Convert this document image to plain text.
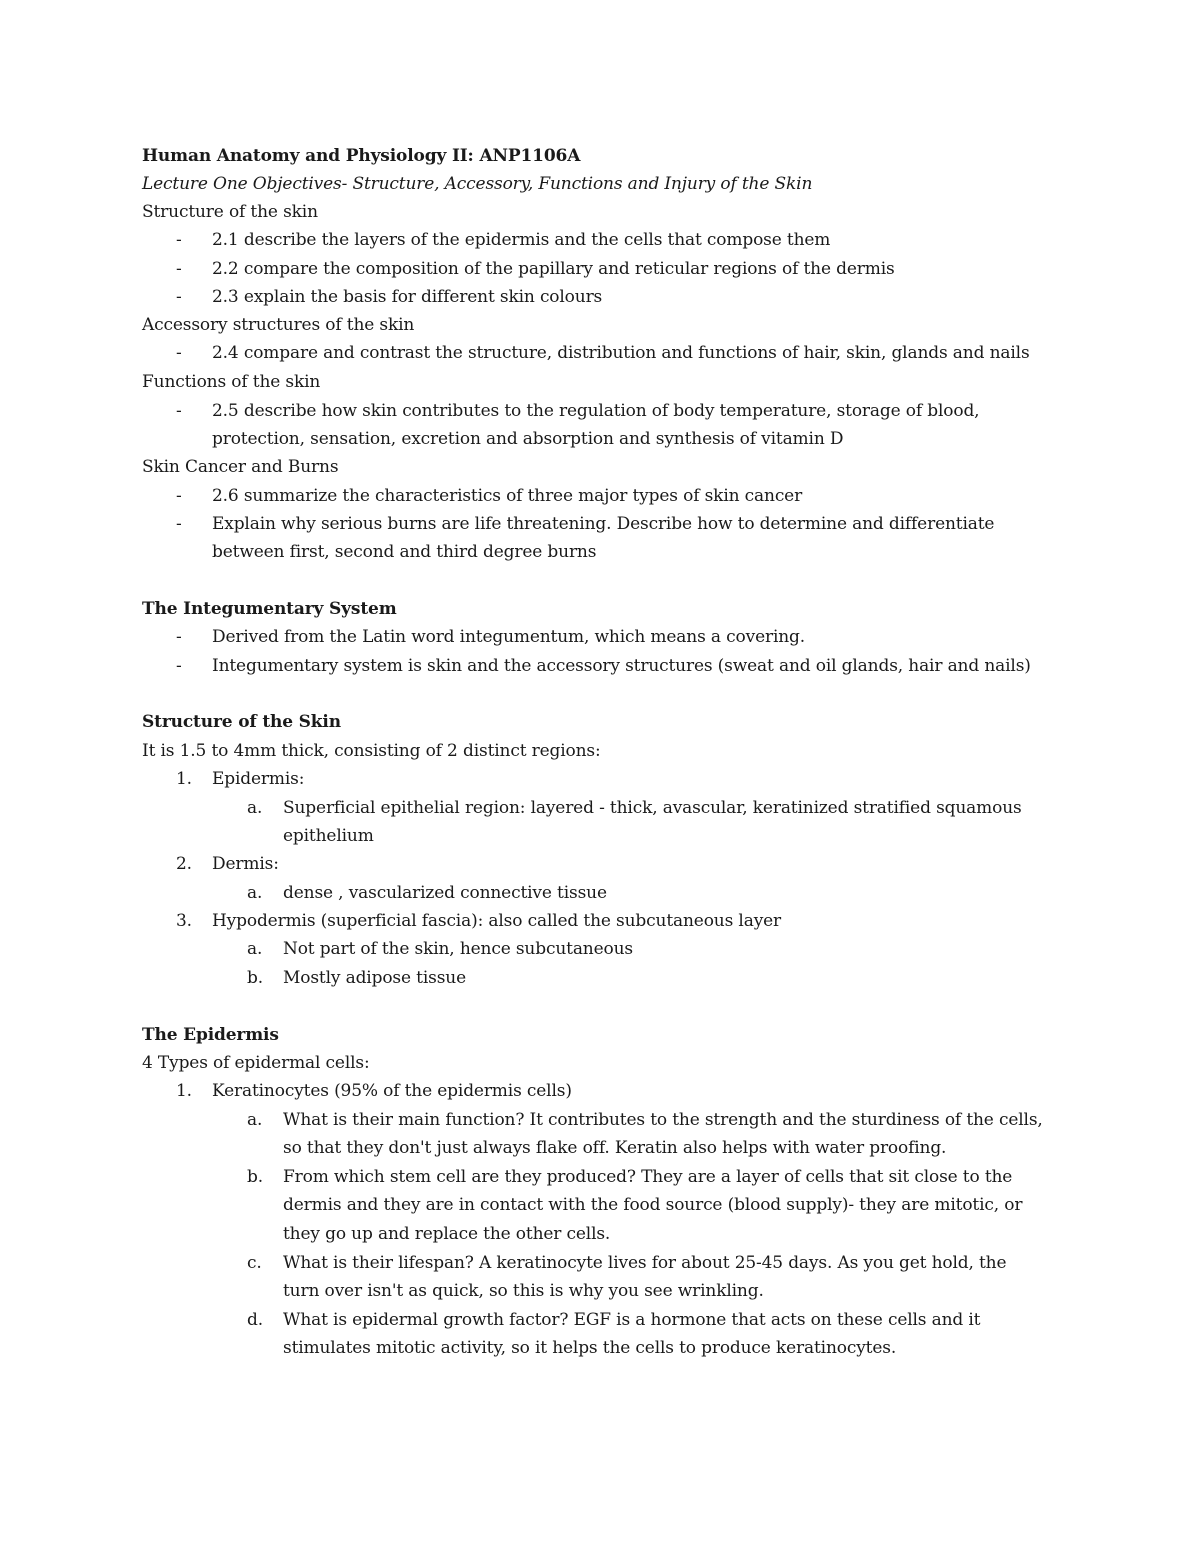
Human Anatomy and Physiology II: ANP1106A
Lecture One Objectives- Structure, Accessory, Functions and Injury of the Skin
Structure of the skin
- 2.1 describe the layers of the epidermis and the cells that compose them
- 2.2 compare the composition of the papillary and reticular regions of the dermis
- 2.3 explain the basis for different skin colours
Accessory structures of the skin
- 2.4 compare and contrast the structure, distribution and functions of hair, skin, glands and nails
Functions of the skin
- 2.5 describe how skin contributes to the regulation of body temperature, storage of blood,
protection, sensation, excretion and absorption and synthesis of vitamin D
Skin Cancer and Burns
- 2.6 summarize the characteristics of three major types of skin cancer
- Explain why serious burns are life threatening. Describe how to determine and differentiate
between first, second and third degree burns
The Integumentary System
- Derived from the Latin word integumentum, which means a covering.
- Integumentary system is skin and the accessory structures (sweat and oil glands, hair and nails)
Structure of the Skin
It is 1.5 to 4mm thick, consisting of 2 distinct regions:
1. Epidermis:
a. Superficial epithelial region: layered - thick, avascular, keratinized stratified squamous
epithelium
2. Dermis:
a. dense , vascularized connective tissue
3. Hypodermis (superficial fascia): also called the subcutaneous layer
a. Not part of the skin, hence subcutaneous
b. Mostly adipose tissue
The Epidermis
4 Types of epidermal cells:
1. Keratinocytes (95% of the epidermis cells)
a. What is their main function? It contributes to the strength and the sturdiness of the cells,
so that they don't just always flake off. Keratin also helps with water proofing.
b. From which stem cell are they produced? They are a layer of cells that sit close to the
dermis and they are in contact with the food source (blood supply)- they are mitotic, or
they go up and replace the other cells.
c. What is their lifespan? A keratinocyte lives for about 25-45 days. As you get hold, the
turn over isn't as quick, so this is why you see wrinkling.
d. What is epidermal growth factor? EGF is a hormone that acts on these cells and it
stimulates mitotic activity, so it helps the cells to produce keratinocytes.
